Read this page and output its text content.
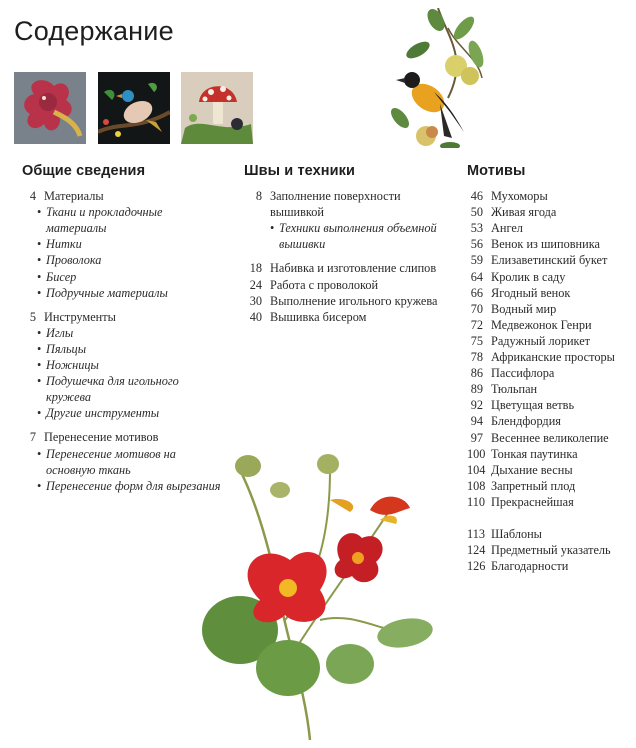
Содержание
Общие сведения
4 Материалы
• Ткани и прокладочные материалы
• Нитки
• Проволока
• Бисер
• Подручные материалы
5 Инструменты
• Иглы
• Пяльцы
• Ножницы
• Подушечка для игольного кружева
• Другие инструменты
7 Перенесение мотивов
• Перенесение мотивов на основную ткань
• Перенесение форм для вырезания
Швы и техники
8 Заполнение поверхности вышивкой
• Техники выполнения объемной вышивки
18 Набивка и изготовление слипов
24 Работа с проволокой
30 Выполнение игольного кружева
40 Вышивка бисером
Мотивы
46 Мухоморы
50 Живая ягода
53 Ангел
56 Венок из шиповника
59 Елизаветинский букет
64 Кролик в саду
66 Ягодный венок
70 Водный мир
72 Медвежонок Генри
75 Радужный лорикет
78 Африканские просторы
86 Пассифлора
89 Тюльпан
92 Цветущая ветвь
94 Блендфордия
97 Весеннее великолепие
100 Тонкая паутинка
104 Дыхание весны
108 Запретный плод
110 Прекраснейшая
113 Шаблоны
124 Предметный указатель
126 Благодарности
